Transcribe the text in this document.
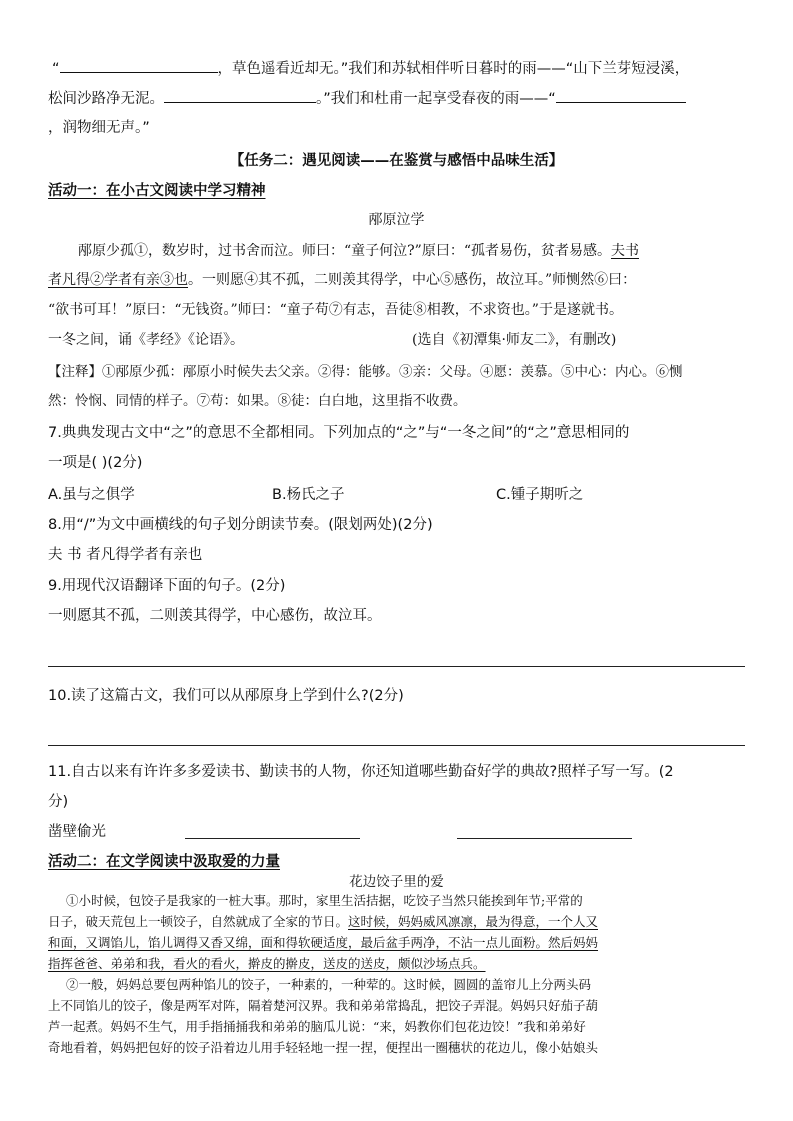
“	，草色遥看近却无。”我们和苏轼相伴听日暮时的雨——“山下兰芽短浸溪，
松间沙路净无泥。	。”我们和杜甫一起享受春夜的雨——“
，润物细无声。”
【任务二：遇见阅读——在鉴赏与感悟中品味生活】
活动一：在小古文阅读中学习精神
邴原泣学
邴原少孤①，数岁时，过书舍而泣。师曰：“童子何泣?”原曰：“孤者易伤，贫者易感。夫书
者凡得②学者有亲③也。一则愿④其不孤，二则羡其得学，中心⑤感伤，故泣耳。”师恻然⑥曰：
“欲书可耳！”原曰：“无钱资。”师曰：“童子苟⑦有志，吾徒⑧相教，不求资也。”于是遂就书。
一冬之间，诵《孝经》《论语》。	(选自《初潭集·师友二》，有删改)
【注释】①邴原少孤：邴原小时候失去父亲。②得：能够。③亲：父母。④愿：羡慕。⑤中心：内心。⑥恻
然：怜悯、同情的样子。⑦苟：如果。⑧徒：白白地，这里指不收费。
7.典典发现古文中“之”的意思不全都相同。下列加点的“之”与“一冬之间”的“之”意思相同的
一项是( )(2分)
A.虽与之俱学	B.杨氏之子	C.锺子期听之
8.用“/”为文中画横线的句子划分朗读节奏。(限划两处)(2分)
夫 书 者凡得学者有亲也
9.用现代汉语翻译下面的句子。(2分)
一则愿其不孤，二则羡其得学，中心感伤，故泣耳。
10.读了这篇古文，我们可以从邴原身上学到什么?(2分)
11.自古以来有许许多多爱读书、勤读书的人物，你还知道哪些勤奋好学的典故?照样子写一写。(2
分)
凿壁偷光
活动二：在文学阅读中汲取爱的力量
花边饺子里的爱
①小时候，包饺子是我家的一桩大事。那时，家里生活拮据，吃饺子当然只能挨到年节;平常的
日子，破天荒包上一顿饺子，自然就成了全家的节日。这时候，妈妈威风凛凛，最为得意，一个人又
和面，又调馅儿，馅儿调得又香又绵，面和得软硬适度，最后盆手两净，不沾一点儿面粉。然后妈妈
指挥爸爸、弟弟和我，看火的看火，擀皮的擀皮，送皮的送皮，颇似沙场点兵。
②一般，妈妈总要包两种馅儿的饺子，一种素的，一种荤的。这时候，圆圆的盖帘儿上分两头码
上不同馅儿的饺子，像是两军对阵，隔着楚河汉界。我和弟弟常捣乱，把饺子弄混。妈妈只好茄子葫
芦一起煮。妈妈不生气，用手指捅捅我和弟弟的脑瓜儿说：“来，妈教你们包花边饺！”我和弟弟好
奇地看着，妈妈把包好的饺子沿着边儿用手轻轻地一捏一捏，便捏出一圈穗状的花边儿，像小姑娘头
